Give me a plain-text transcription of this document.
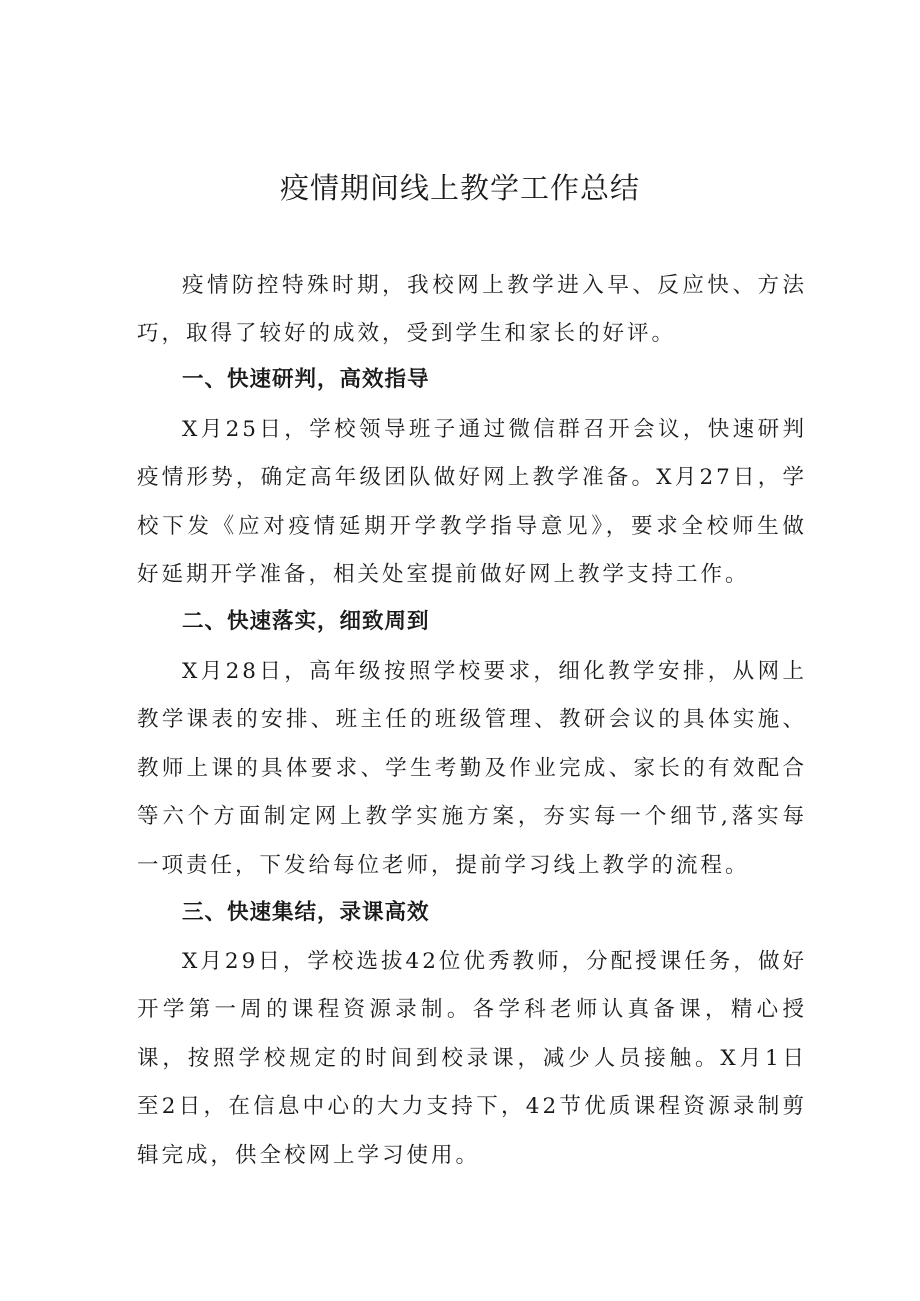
疫情期间线上教学工作总结

疫情防控特殊时期，我校网上教学进入早、反应快、方法巧，取得了较好的成效，受到学生和家长的好评。

一、快速研判，高效指导

X月25日，学校领导班子通过微信群召开会议，快速研判疫情形势，确定高年级团队做好网上教学准备。X月27日，学校下发《应对疫情延期开学教学指导意见》，要求全校师生做好延期开学准备，相关处室提前做好网上教学支持工作。

二、快速落实，细致周到

X月28日，高年级按照学校要求，细化教学安排，从网上教学课表的安排、班主任的班级管理、教研会议的具体实施、教师上课的具体要求、学生考勤及作业完成、家长的有效配合等六个方面制定网上教学实施方案，夯实每一个细节,落实每一项责任，下发给每位老师，提前学习线上教学的流程。

三、快速集结，录课高效

X月29日，学校选拔42位优秀教师，分配授课任务，做好开学第一周的课程资源录制。各学科老师认真备课，精心授课，按照学校规定的时间到校录课，减少人员接触。X月1日至2日，在信息中心的大力支持下，42节优质课程资源录制剪辑完成，供全校网上学习使用。
